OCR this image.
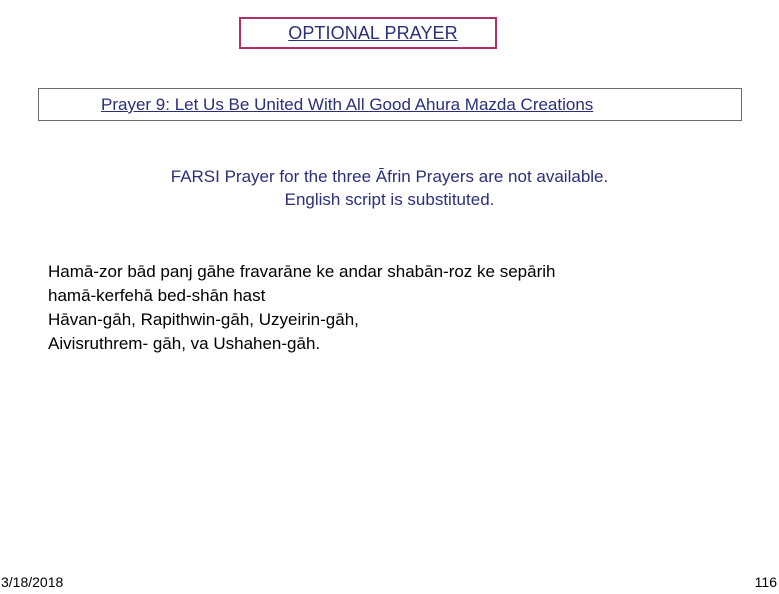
OPTIONAL PRAYER
Prayer 9: Let Us Be United With All Good Ahura Mazda Creations
FARSI Prayer for the three Āfrin Prayers are not available.
English script is substituted.
Hamā-zor bād panj gāhe fravarāne ke andar shabān-roz ke sepārih
hamā-kerfehā bed-shān hast
Hāvan-gāh, Rapithwin-gāh, Uzyeirin-gāh,
Aivisruthrem- gāh, va Ushahen-gāh.
3/18/2018	116
